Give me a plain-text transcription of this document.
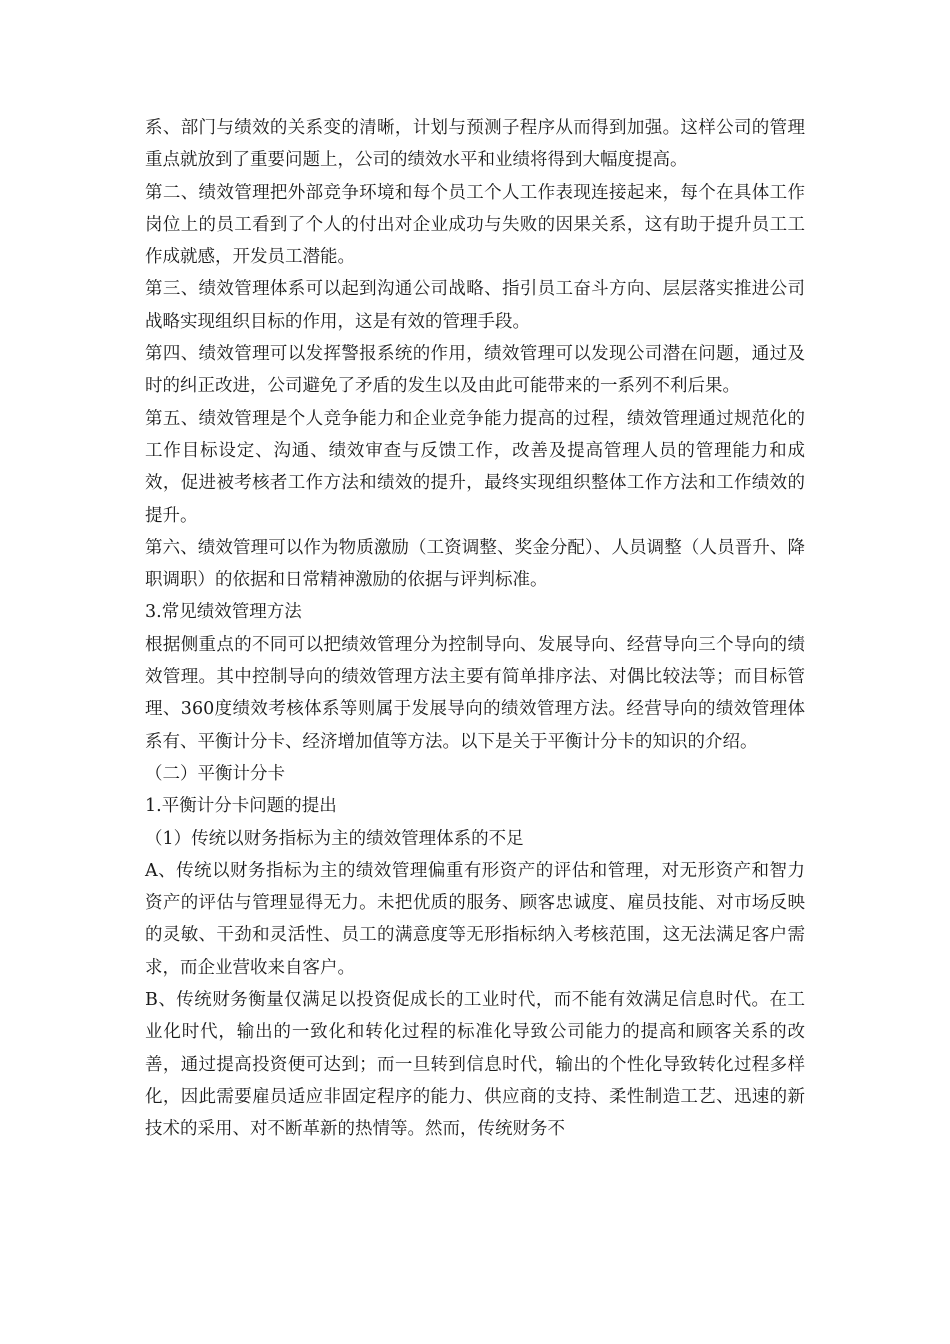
系、部门与绩效的关系变的清晰，计划与预测子程序从而得到加强。这样公司的管理重点就放到了重要问题上，公司的绩效水平和业绩将得到大幅度提高。

第二、绩效管理把外部竞争环境和每个员工个人工作表现连接起来，每个在具体工作岗位上的员工看到了个人的付出对企业成功与失败的因果关系，这有助于提升员工工作成就感，开发员工潜能。

第三、绩效管理体系可以起到沟通公司战略、指引员工奋斗方向、层层落实推进公司战略实现组织目标的作用，这是有效的管理手段。

第四、绩效管理可以发挥警报系统的作用，绩效管理可以发现公司潜在问题，通过及时的纠正改进，公司避免了矛盾的发生以及由此可能带来的一系列不利后果。

第五、绩效管理是个人竞争能力和企业竞争能力提高的过程，绩效管理通过规范化的工作目标设定、沟通、绩效审查与反馈工作，改善及提高管理人员的管理能力和成效，促进被考核者工作方法和绩效的提升，最终实现组织整体工作方法和工作绩效的提升。

第六、绩效管理可以作为物质激励（工资调整、奖金分配）、人员调整（人员晋升、降职调职）的依据和日常精神激励的依据与评判标准。

3.常见绩效管理方法

根据侧重点的不同可以把绩效管理分为控制导向、发展导向、经营导向三个导向的绩效管理。其中控制导向的绩效管理方法主要有简单排序法、对偶比较法等；而目标管理、360度绩效考核体系等则属于发展导向的绩效管理方法。经营导向的绩效管理体系有、平衡计分卡、经济增加值等方法。以下是关于平衡计分卡的知识的介绍。

（二）平衡计分卡

1.平衡计分卡问题的提出

（1）传统以财务指标为主的绩效管理体系的不足

A、传统以财务指标为主的绩效管理偏重有形资产的评估和管理，对无形资产和智力资产的评估与管理显得无力。未把优质的服务、顾客忠诚度、雇员技能、对市场反映的灵敏、干劲和灵活性、员工的满意度等无形指标纳入考核范围，这无法满足客户需求，而企业营收来自客户。

B、传统财务衡量仅满足以投资促成长的工业时代，而不能有效满足信息时代。在工业化时代，输出的一致化和转化过程的标准化导致公司能力的提高和顾客关系的改善，通过提高投资便可达到；而一旦转到信息时代，输出的个性化导致转化过程多样化，因此需要雇员适应非固定程序的能力、供应商的支持、柔性制造工艺、迅速的新技术的采用、对不断革新的热情等。然而，传统财务不
